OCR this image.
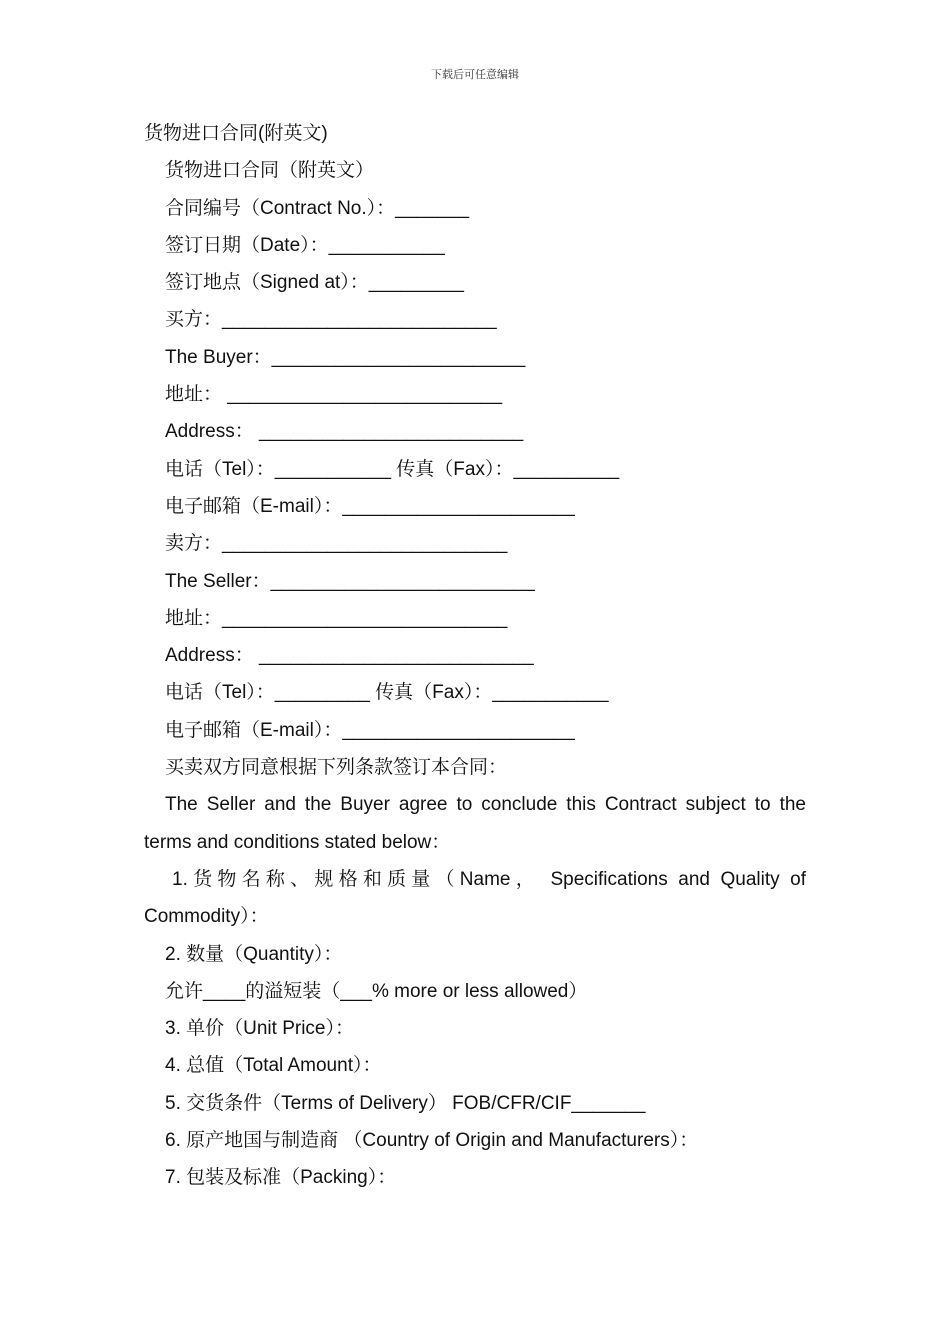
下载后可任意编辑
货物进口合同(附英文)
货物进口合同（附英文）
合同编号（Contract No.）：_______
签订日期（Date）：___________
签订地点（Signed at）：_________
买方：__________________________
The Buyer：________________________
地址： __________________________
Address： _________________________
电话（Tel）：___________ 传真（Fax）：__________
电子邮箱（E-mail）：______________________
卖方：___________________________
The Seller：_________________________
地址：___________________________
Address： __________________________
电话（Tel）：_________ 传真（Fax）：___________
电子邮箱（E-mail）：______________________
买卖双方同意根据下列条款签订本合同：
The Seller and the Buyer agree to conclude this Contract subject to the terms and conditions stated below：
1.货物名称、规格和质量（Name， Specifications and Quality of Commodity）：
2. 数量（Quantity）：
允许____的溢短装（___% more or less allowed）
3. 单价（Unit Price）：
4. 总值（Total Amount）：
5. 交货条件（Terms of Delivery） FOB/CFR/CIF_______
6. 原产地国与制造商 （Country of Origin and Manufacturers）：
7. 包装及标准（Packing）：
